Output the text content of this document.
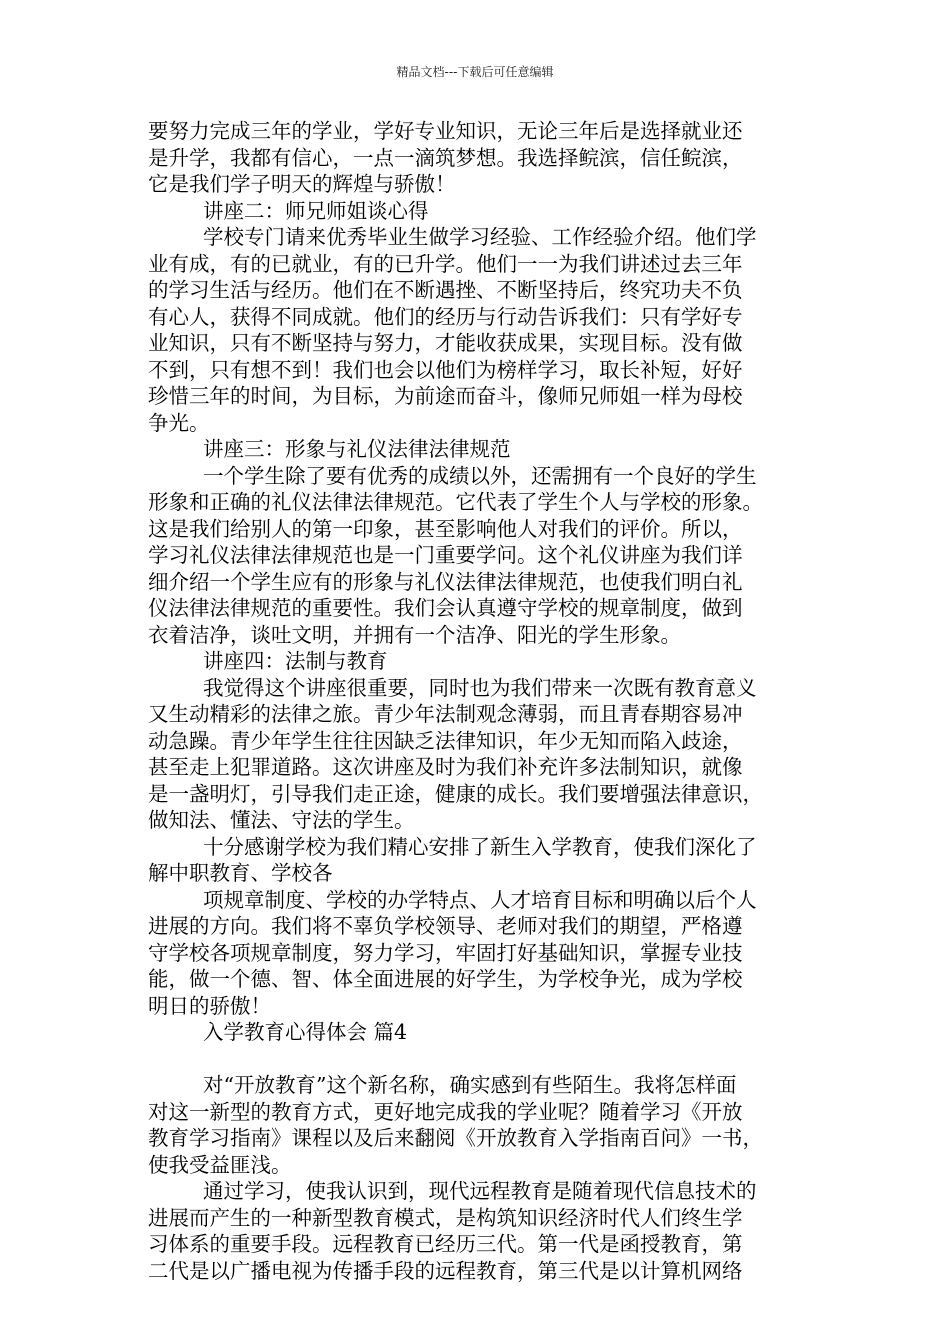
精品文档---下载后可任意编辑
要努力完成三年的学业，学好专业知识，无论三年后是选择就业还
是升学，我都有信心，一点一滴筑梦想。我选择鲩滨，信任鲩滨，
它是我们学子明天的辉煌与骄傲！
讲座二：师兄师姐谈心得
学校专门请来优秀毕业生做学习经验、工作经验介绍。他们学
业有成，有的已就业，有的已升学。他们一一为我们讲述过去三年
的学习生活与经历。他们在不断遇挫、不断坚持后，终究功夫不负
有心人，获得不同成就。他们的经历与行动告诉我们：只有学好专
业知识，只有不断坚持与努力，才能收获成果，实现目标。没有做
不到，只有想不到！我们也会以他们为榜样学习，取长补短，好好
珍惜三年的时间，为目标，为前途而奋斗，像师兄师姐一样为母校
争光。
讲座三：形象与礼仪法律法律规范
一个学生除了要有优秀的成绩以外，还需拥有一个良好的学生
形象和正确的礼仪法律法律规范。它代表了学生个人与学校的形象。
这是我们给别人的第一印象，甚至影响他人对我们的评价。所以，
学习礼仪法律法律规范也是一门重要学问。这个礼仪讲座为我们详
细介绍一个学生应有的形象与礼仪法律法律规范，也使我们明白礼
仪法律法律规范的重要性。我们会认真遵守学校的规章制度，做到
衣着洁净，谈吐文明，并拥有一个洁净、阳光的学生形象。
讲座四：法制与教育
我觉得这个讲座很重要，同时也为我们带来一次既有教育意义
又生动精彩的法律之旅。青少年法制观念薄弱，而且青春期容易冲
动急躁。青少年学生往往因缺乏法律知识，年少无知而陷入歧途，
甚至走上犯罪道路。这次讲座及时为我们补充许多法制知识，就像
是一盏明灯，引导我们走正途，健康的成长。我们要增强法律意识，
做知法、懂法、守法的学生。
十分感谢学校为我们精心安排了新生入学教育，使我们深化了
解中职教育、学校各
项规章制度、学校的办学特点、人才培育目标和明确以后个人
进展的方向。我们将不辜负学校领导、老师对我们的期望，严格遵
守学校各项规章制度，努力学习，牢固打好基础知识，掌握专业技
能，做一个德、智、体全面进展的好学生，为学校争光，成为学校
明日的骄傲！
入学教育心得体会 篇4
对“开放教育”这个新名称，确实感到有些陌生。我将怎样面
对这一新型的教育方式，更好地完成我的学业呢？随着学习《开放
教育学习指南》课程以及后来翻阅《开放教育入学指南百问》一书，
使我受益匪浅。
通过学习，使我认识到，现代远程教育是随着现代信息技术的
进展而产生的一种新型教育模式，是构筑知识经济时代人们终生学
习体系的重要手段。远程教育已经历三代。第一代是函授教育，第
二代是以广播电视为传播手段的远程教育，第三代是以计算机网络
